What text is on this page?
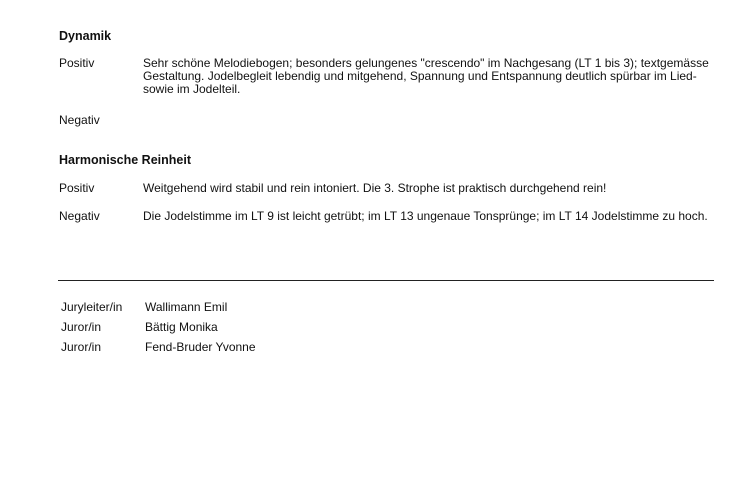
Dynamik
Positiv	Sehr schöne Melodiebogen; besonders gelungenes "crescendo" im Nachgesang (LT 1 bis 3); textgemässe Gestaltung. Jodelbegleit lebendig und mitgehend, Spannung und Entspannung deutlich spürbar im Lied- sowie im Jodelteil.
Negativ
Harmonische Reinheit
Positiv	Weitgehend wird stabil und rein intoniert. Die 3. Strophe ist praktisch durchgehend rein!
Negativ	Die Jodelstimme im LT 9 ist leicht getrübt; im LT 13 ungenaue Tonsprünge; im LT 14 Jodelstimme zu hoch.
Juryleiter/in	Wallimann Emil
Juror/in	Bättig Monika
Juror/in	Fend-Bruder Yvonne
